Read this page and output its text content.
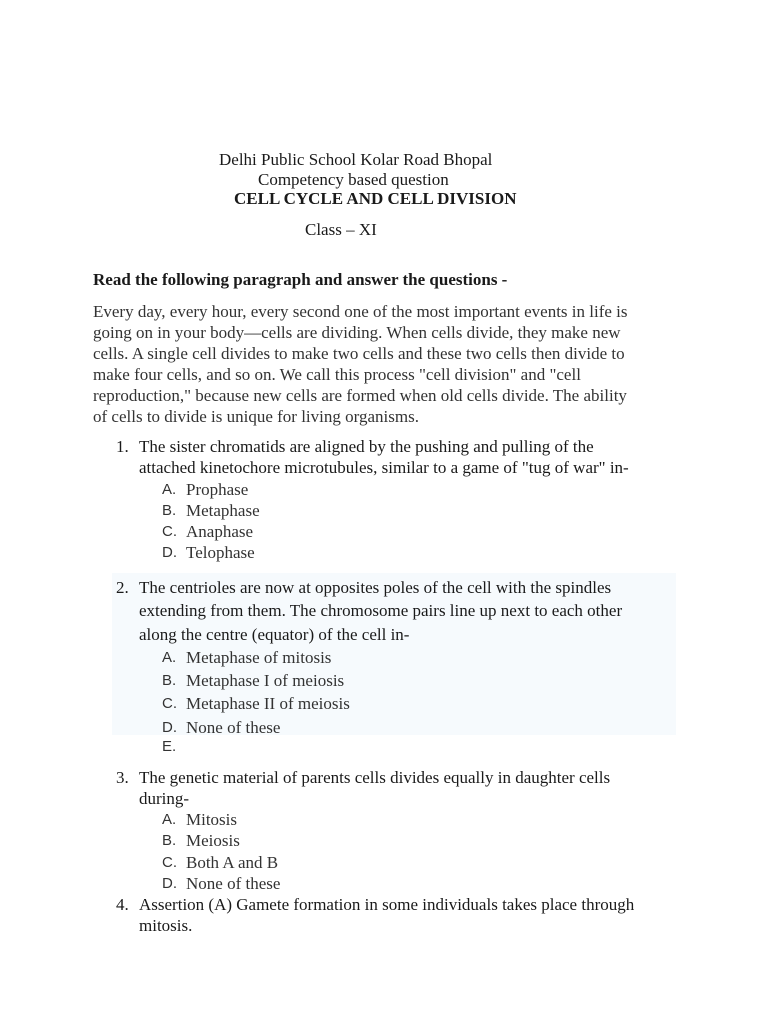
Delhi Public School Kolar Road Bhopal
Competency based question
CELL CYCLE AND CELL DIVISION
Class – XI
Read the following paragraph and answer the questions -
Every day, every hour, every second one of the most important events in life is
going on in your body—cells are dividing. When cells divide, they make new
cells. A single cell divides to make two cells and these two cells then divide to
make four cells, and so on. We call this process "cell division" and "cell
reproduction," because new cells are formed when old cells divide. The ability
of cells to divide is unique for living organisms.
1. The sister chromatids are aligned by the pushing and pulling of the
attached kinetochore microtubules, similar to a game of "tug of war" in-
A. Prophase
B. Metaphase
C. Anaphase
D. Telophase
2. The centrioles are now at opposites poles of the cell with the spindles
extending from them. The chromosome pairs line up next to each other
along the centre (equator) of the cell in-
A. Metaphase of mitosis
B. Metaphase I of meiosis
C. Metaphase II of meiosis
D. None of these
E.
3. The genetic material of parents cells divides equally in daughter cells
during-
A. Mitosis
B. Meiosis
C. Both A and B
D. None of these
4. Assertion (A) Gamete formation in some individuals takes place through
mitosis.
